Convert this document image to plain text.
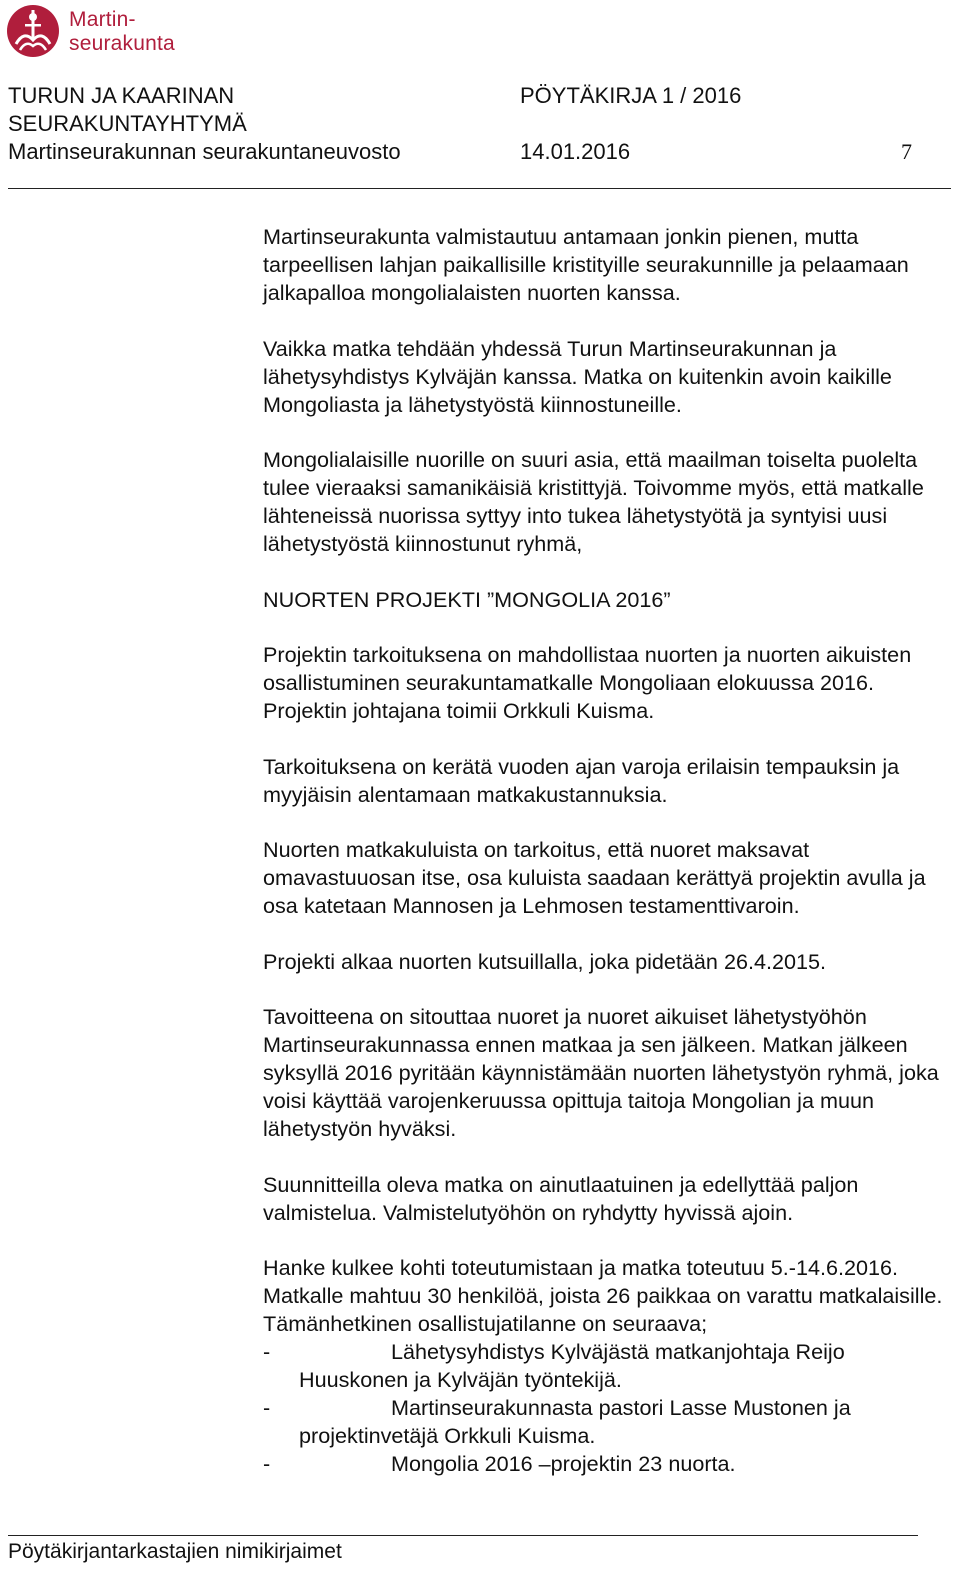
Martin-
seurakunta
TURUN JA KAARINAN	PÖYTÄKIRJA 1 / 2016
SEURAKUNTAYHTYMÄ
Martinseurakunnan seurakuntaneuvosto	14.01.2016	7

Martinseurakunta valmistautuu antamaan jonkin pienen, mutta tarpeellisen lahjan paikallisille kristityille seurakunnille ja pelaamaan jalkapalloa mongolialaisten nuorten kanssa.

Vaikka matka tehdään yhdessä Turun Martinseurakunnan ja lähetysyhdistys Kylväjän kanssa. Matka on kuitenkin avoin kaikille Mongoliasta ja lähetystyöstä kiinnostuneille.

Mongolialaisille nuorille on suuri asia, että maailman toiselta puolelta tulee vieraaksi samanikäisiä kristittyjä. Toivomme myös, että matkalle lähteneissä nuorissa syttyy into tukea lähetystyötä ja syntyisi uusi lähetystyöstä kiinnostunut ryhmä,

NUORTEN PROJEKTI ”MONGOLIA 2016”

Projektin tarkoituksena on mahdollistaa nuorten ja nuorten aikuisten osallistuminen seurakuntamatkalle Mongoliaan elokuussa 2016. Projektin johtajana toimii Orkkuli Kuisma.

Tarkoituksena on kerätä vuoden ajan varoja erilaisin tempauksin ja myyjäisin alentamaan matkakustannuksia.

Nuorten matkakuluista on tarkoitus, että nuoret maksavat omavastuuosan itse, osa kuluista saadaan kerättyä projektin avulla ja osa katetaan Mannosen ja Lehmosen testamenttivaroin.

Projekti alkaa nuorten kutsuillalla, joka pidetään 26.4.2015.

Tavoitteena on sitouttaa nuoret ja nuoret aikuiset lähetystyöhön Martinseurakunnassa ennen matkaa ja sen jälkeen. Matkan jälkeen syksyllä 2016 pyritään käynnistämään nuorten lähetystyön ryhmä, joka voisi käyttää varojenkeruussa opittuja taitoja Mongolian ja muun lähetystyön hyväksi.

Suunnitteilla oleva matka on ainutlaatuinen ja edellyttää paljon valmistelua. Valmistelutyöhön on ryhdytty hyvissä ajoin.

Hanke kulkee kohti toteutumistaan ja matka toteutuu 5.-14.6.2016. Matkalle mahtuu 30 henkilöä, joista 26 paikkaa on varattu matkalaisille.

Tämänhetkinen osallistujatilanne on seuraava;

-	Lähetysyhdistys Kylväjästä matkanjohtaja Reijo Huuskonen ja Kylväjän työntekijä.
-	Martinseurakunnasta pastori Lasse Mustonen ja projektinvetäjä Orkkuli Kuisma.
-	Mongolia 2016 –projektin 23 nuorta.
Pöytäkirjantarkastajien nimikirjaimet
